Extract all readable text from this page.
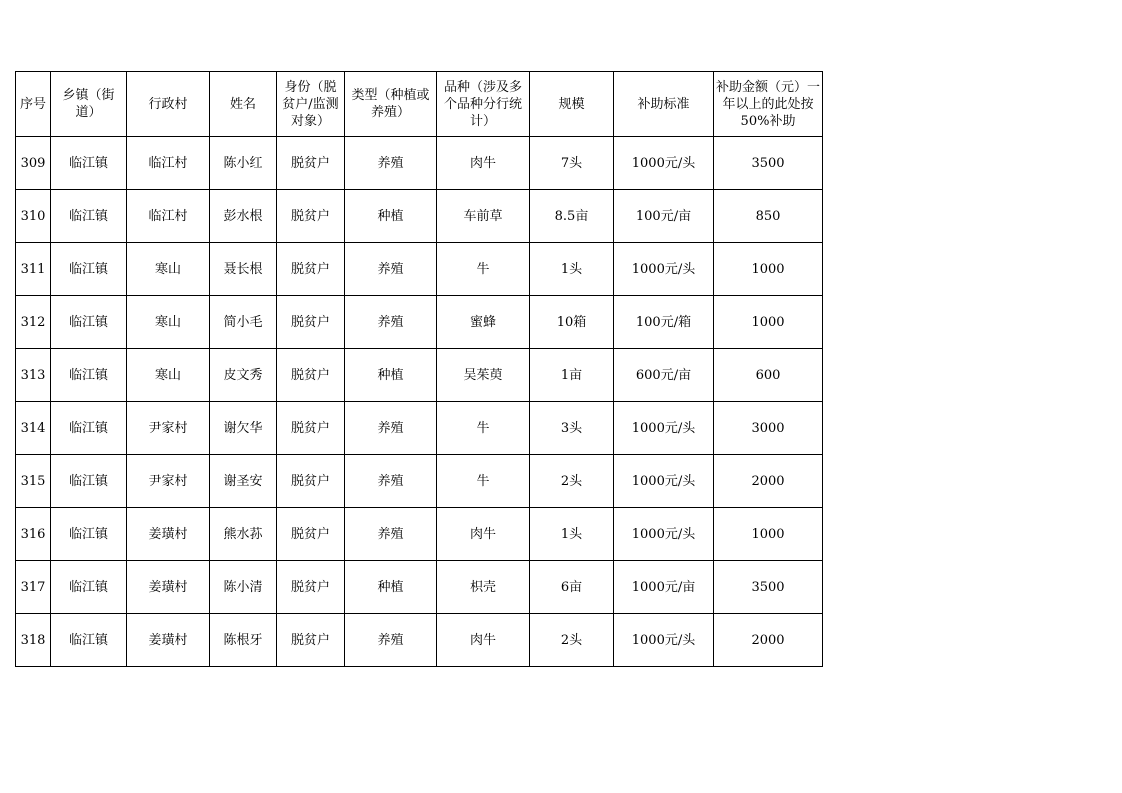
序号	乡镇（街道）	行政村	姓名	身份（脱贫户/监测对象）	类型（种植或养殖）	品种（涉及多个品种分行统计）	规模	补助标准	补助金额（元）一年以上的此处按50%补助
309	临江镇	临江村	陈小红	脱贫户	养殖	肉牛	7头	1000元/头	3500
310	临江镇	临江村	彭水根	脱贫户	种植	车前草	8.5亩	100元/亩	850
311	临江镇	寒山	聂长根	脱贫户	养殖	牛	1头	1000元/头	1000
312	临江镇	寒山	简小毛	脱贫户	养殖	蜜蜂	10箱	100元/箱	1000
313	临江镇	寒山	皮文秀	脱贫户	种植	吴茱萸	1亩	600元/亩	600
314	临江镇	尹家村	谢欠华	脱贫户	养殖	牛	3头	1000元/头	3000
315	临江镇	尹家村	谢圣安	脱贫户	养殖	牛	2头	1000元/头	2000
316	临江镇	姜璜村	熊水荪	脱贫户	养殖	肉牛	1头	1000元/头	1000
317	临江镇	姜璜村	陈小清	脱贫户	种植	枳壳	6亩	1000元/亩	3500
318	临江镇	姜璜村	陈根牙	脱贫户	养殖	肉牛	2头	1000元/头	2000
